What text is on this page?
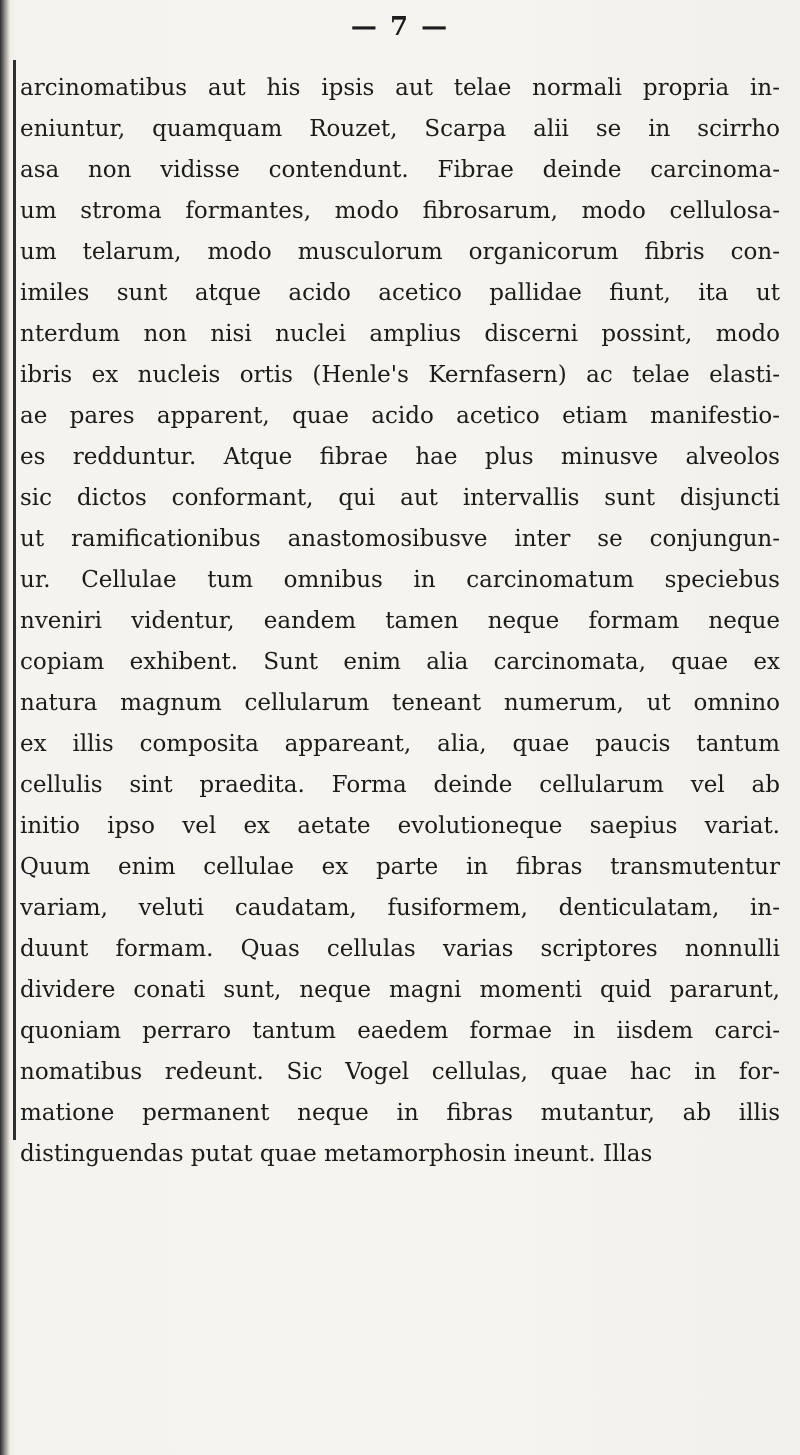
— 7 —
arcinomatibus aut his ipsis aut telae normali propria in-
eniuntur, quamquam Rouzet, Scarpa alii se in scirrho
asa non vidisse contendunt. Fibrae deinde carcinoma-
um stroma formantes, modo fibrosarum, modo cellulosa-
um telarum, modo musculorum organicorum fibris con-
imiles sunt atque acido acetico pallidae fiunt, ita ut
nterdum non nisi nuclei amplius discerni possint, modo
ibris ex nucleis ortis (Henle's Kernfasern) ac telae elasti-
ae pares apparent, quae acido acetico etiam manifestio-
es redduntur. Atque fibrae hae plus minusve alveolos
sic dictos conformant, qui aut intervallis sunt disjuncti
ut ramificationibus anastomosibusve inter se conjungun-
ur. Cellulae tum omnibus in carcinomatum speciebus
nveniri videntur, eandem tamen neque formam neque
copiam exhibent. Sunt enim alia carcinomata, quae ex
natura magnum cellularum teneant numerum, ut omnino
ex illis composita appareant, alia, quae paucis tantum
cellulis sint praedita. Forma deinde cellularum vel ab
initio ipso vel ex aetate evolutioneque saepius variat.
Quum enim cellulae ex parte in fibras transmutentur
variam, veluti caudatam, fusiformem, denticulatam, in-
duunt formam. Quas cellulas varias scriptores nonnulli
dividere conati sunt, neque magni momenti quid pararunt,
quoniam perraro tantum eaedem formae in iisdem carci-
nomatibus redeunt. Sic Vogel cellulas, quae hac in for-
matione permanent neque in fibras mutantur, ab illis
distinguendas putat quae metamorphosin ineunt. Illas
